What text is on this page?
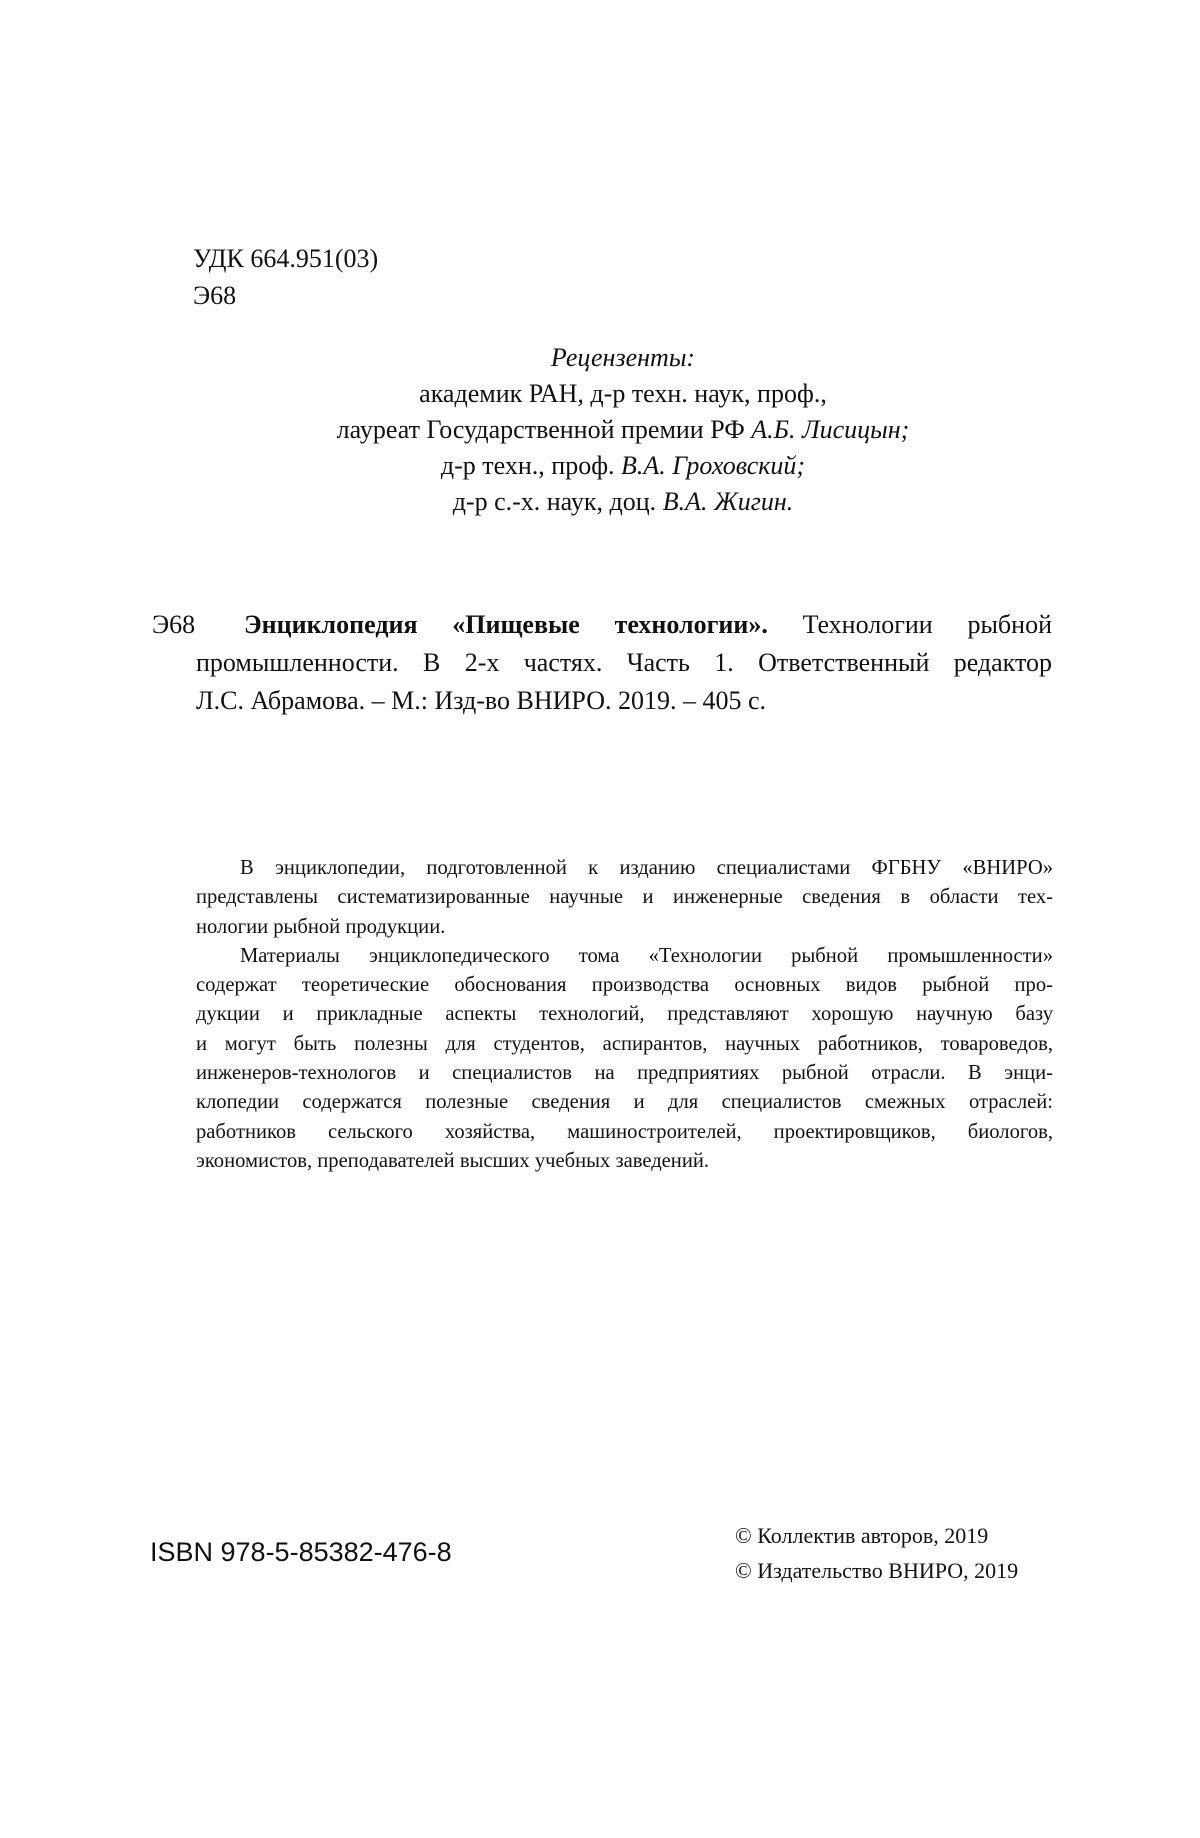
УДК 664.951(03)
Э68
Рецензенты:
академик РАН, д-р техн. наук, проф.,
лауреат Государственной премии РФ А.Б. Лисицын;
д-р техн., проф. В.А. Гроховский;
д-р с.-х. наук, доц. В.А. Жигин.
Э68 Энциклопедия «Пищевые технологии». Технологии рыбной
промышленности. В 2-х частях. Часть 1. Ответственный редактор
Л.С. Абрамова. – М.: Изд-во ВНИРО. 2019. – 405 с.
В энциклопедии, подготовленной к изданию специалистами ФГБНУ «ВНИРО»
представлены систематизированные научные и инженерные сведения в области тех-
нологии рыбной продукции.
Материалы энциклопедического тома «Технологии рыбной промышленности»
содержат теоретические обоснования производства основных видов рыбной про-
дукции и прикладные аспекты технологий, представляют хорошую научную базу
и могут быть полезны для студентов, аспирантов, научных работников, товароведов,
инженеров-технологов и специалистов на предприятиях рыбной отрасли. В энци-
клопедии содержатся полезные сведения и для специалистов смежных отраслей:
работников сельского хозяйства, машиностроителей, проектировщиков, биологов,
экономистов, преподавателей высших учебных заведений.
ISBN 978-5-85382-476-8
© Коллектив авторов, 2019
© Издательство ВНИРО, 2019
